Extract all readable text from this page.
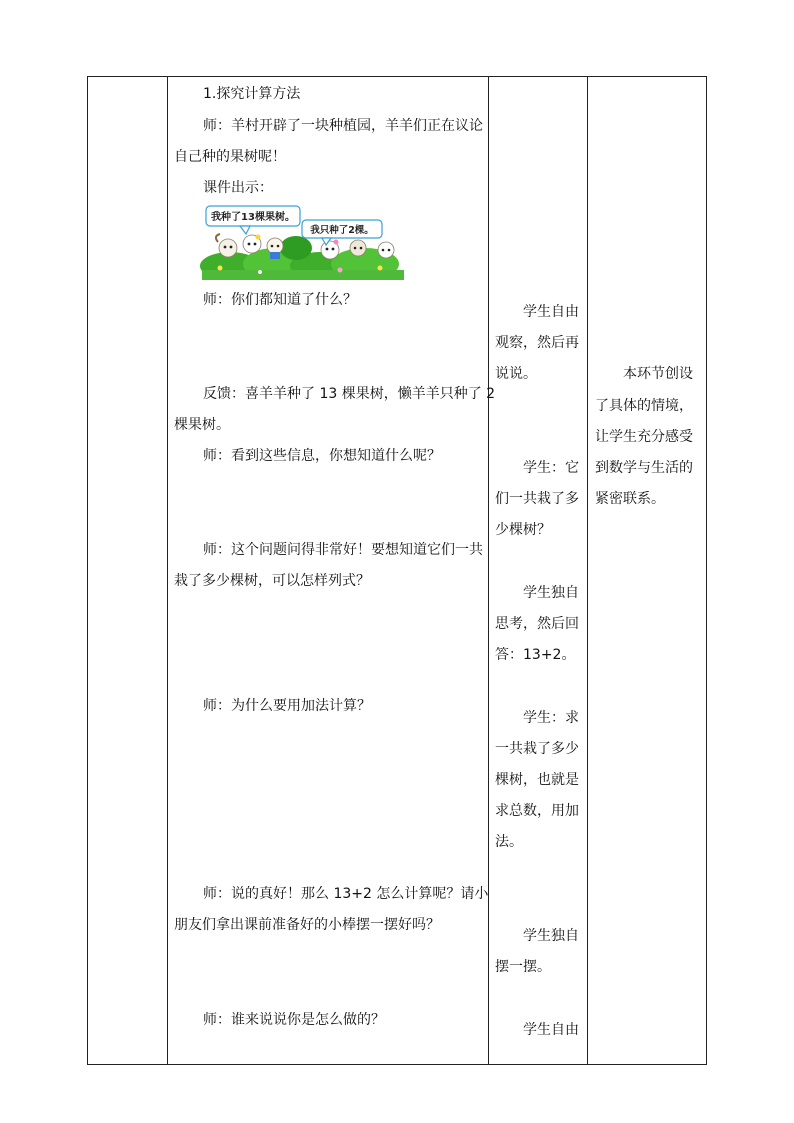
1.探究计算方法
师：羊村开辟了一块种植园，羊羊们正在议论
自己种的果树呢！
课件出示：
我种了13棵果树。
我只种了2棵。
师：你们都知道了什么？
反馈：喜羊羊种了 13 棵果树，懒羊羊只种了 2
棵果树。
师：看到这些信息，你想知道什么呢？
师：这个问题问得非常好！要想知道它们一共
栽了多少棵树，可以怎样列式？
师：为什么要用加法计算？
师：说的真好！那么 13+2 怎么计算呢？请小
朋友们拿出课前准备好的小棒摆一摆好吗？
师：谁来说说你是怎么做的？
学生自由
观察，然后再
说说。
学生：它
们一共栽了多
少棵树？
学生独自
思考，然后回
答：13+2。
学生：求
一共栽了多少
棵树，也就是
求总数，用加
法。
学生独自
摆一摆。
学生自由
本环节创设
了具体的情境，
让学生充分感受
到数学与生活的
紧密联系。
